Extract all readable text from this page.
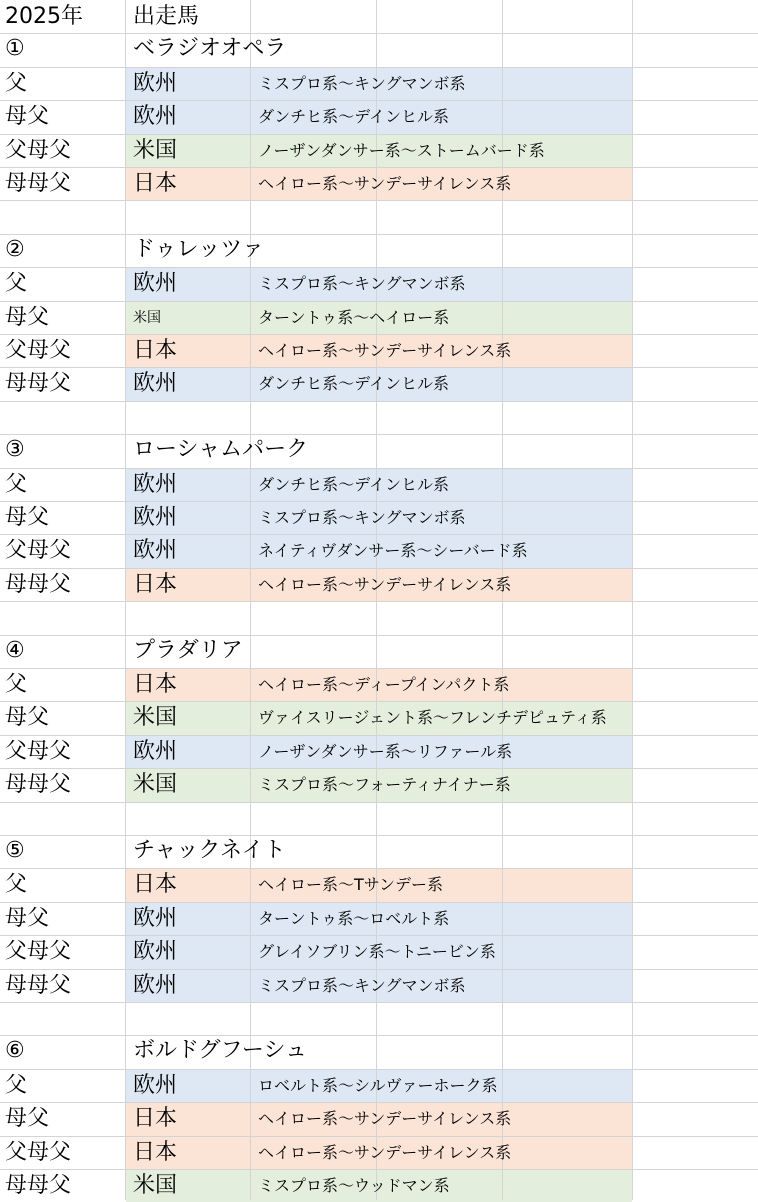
2025年 出走馬
①	ベラジオオペラ
父	欧州	ミスプロ系～キングマンボ系
母父	欧州	ダンチヒ系～デインヒル系
父母父	米国	ノーザンダンサー系～ストームバード系
母母父	日本	ヘイロー系～サンデーサイレンス系
②	ドゥレッツァ
父	欧州	ミスプロ系～キングマンボ系
母父	米国	ターントゥ系～ヘイロー系
父母父	日本	ヘイロー系～サンデーサイレンス系
母母父	欧州	ダンチヒ系～デインヒル系
③	ローシャムパーク
父	欧州	ダンチヒ系～デインヒル系
母父	欧州	ミスプロ系～キングマンボ系
父母父	欧州	ネイティヴダンサー系～シーバード系
母母父	日本	ヘイロー系～サンデーサイレンス系
④	プラダリア
父	日本	ヘイロー系～ディープインパクト系
母父	米国	ヴァイスリージェント系～フレンチデピュティ系
父母父	欧州	ノーザンダンサー系～リファール系
母母父	米国	ミスプロ系～フォーティナイナー系
⑤	チャックネイト
父	日本	ヘイロー系～Tサンデー系
母父	欧州	ターントゥ系～ロベルト系
父母父	欧州	グレイソブリン系～トニービン系
母母父	欧州	ミスプロ系～キングマンボ系
⑥	ボルドグフーシュ
父	欧州	ロベルト系～シルヴァーホーク系
母父	日本	ヘイロー系～サンデーサイレンス系
父母父	日本	ヘイロー系～サンデーサイレンス系
母母父	米国	ミスプロ系～ウッドマン系
